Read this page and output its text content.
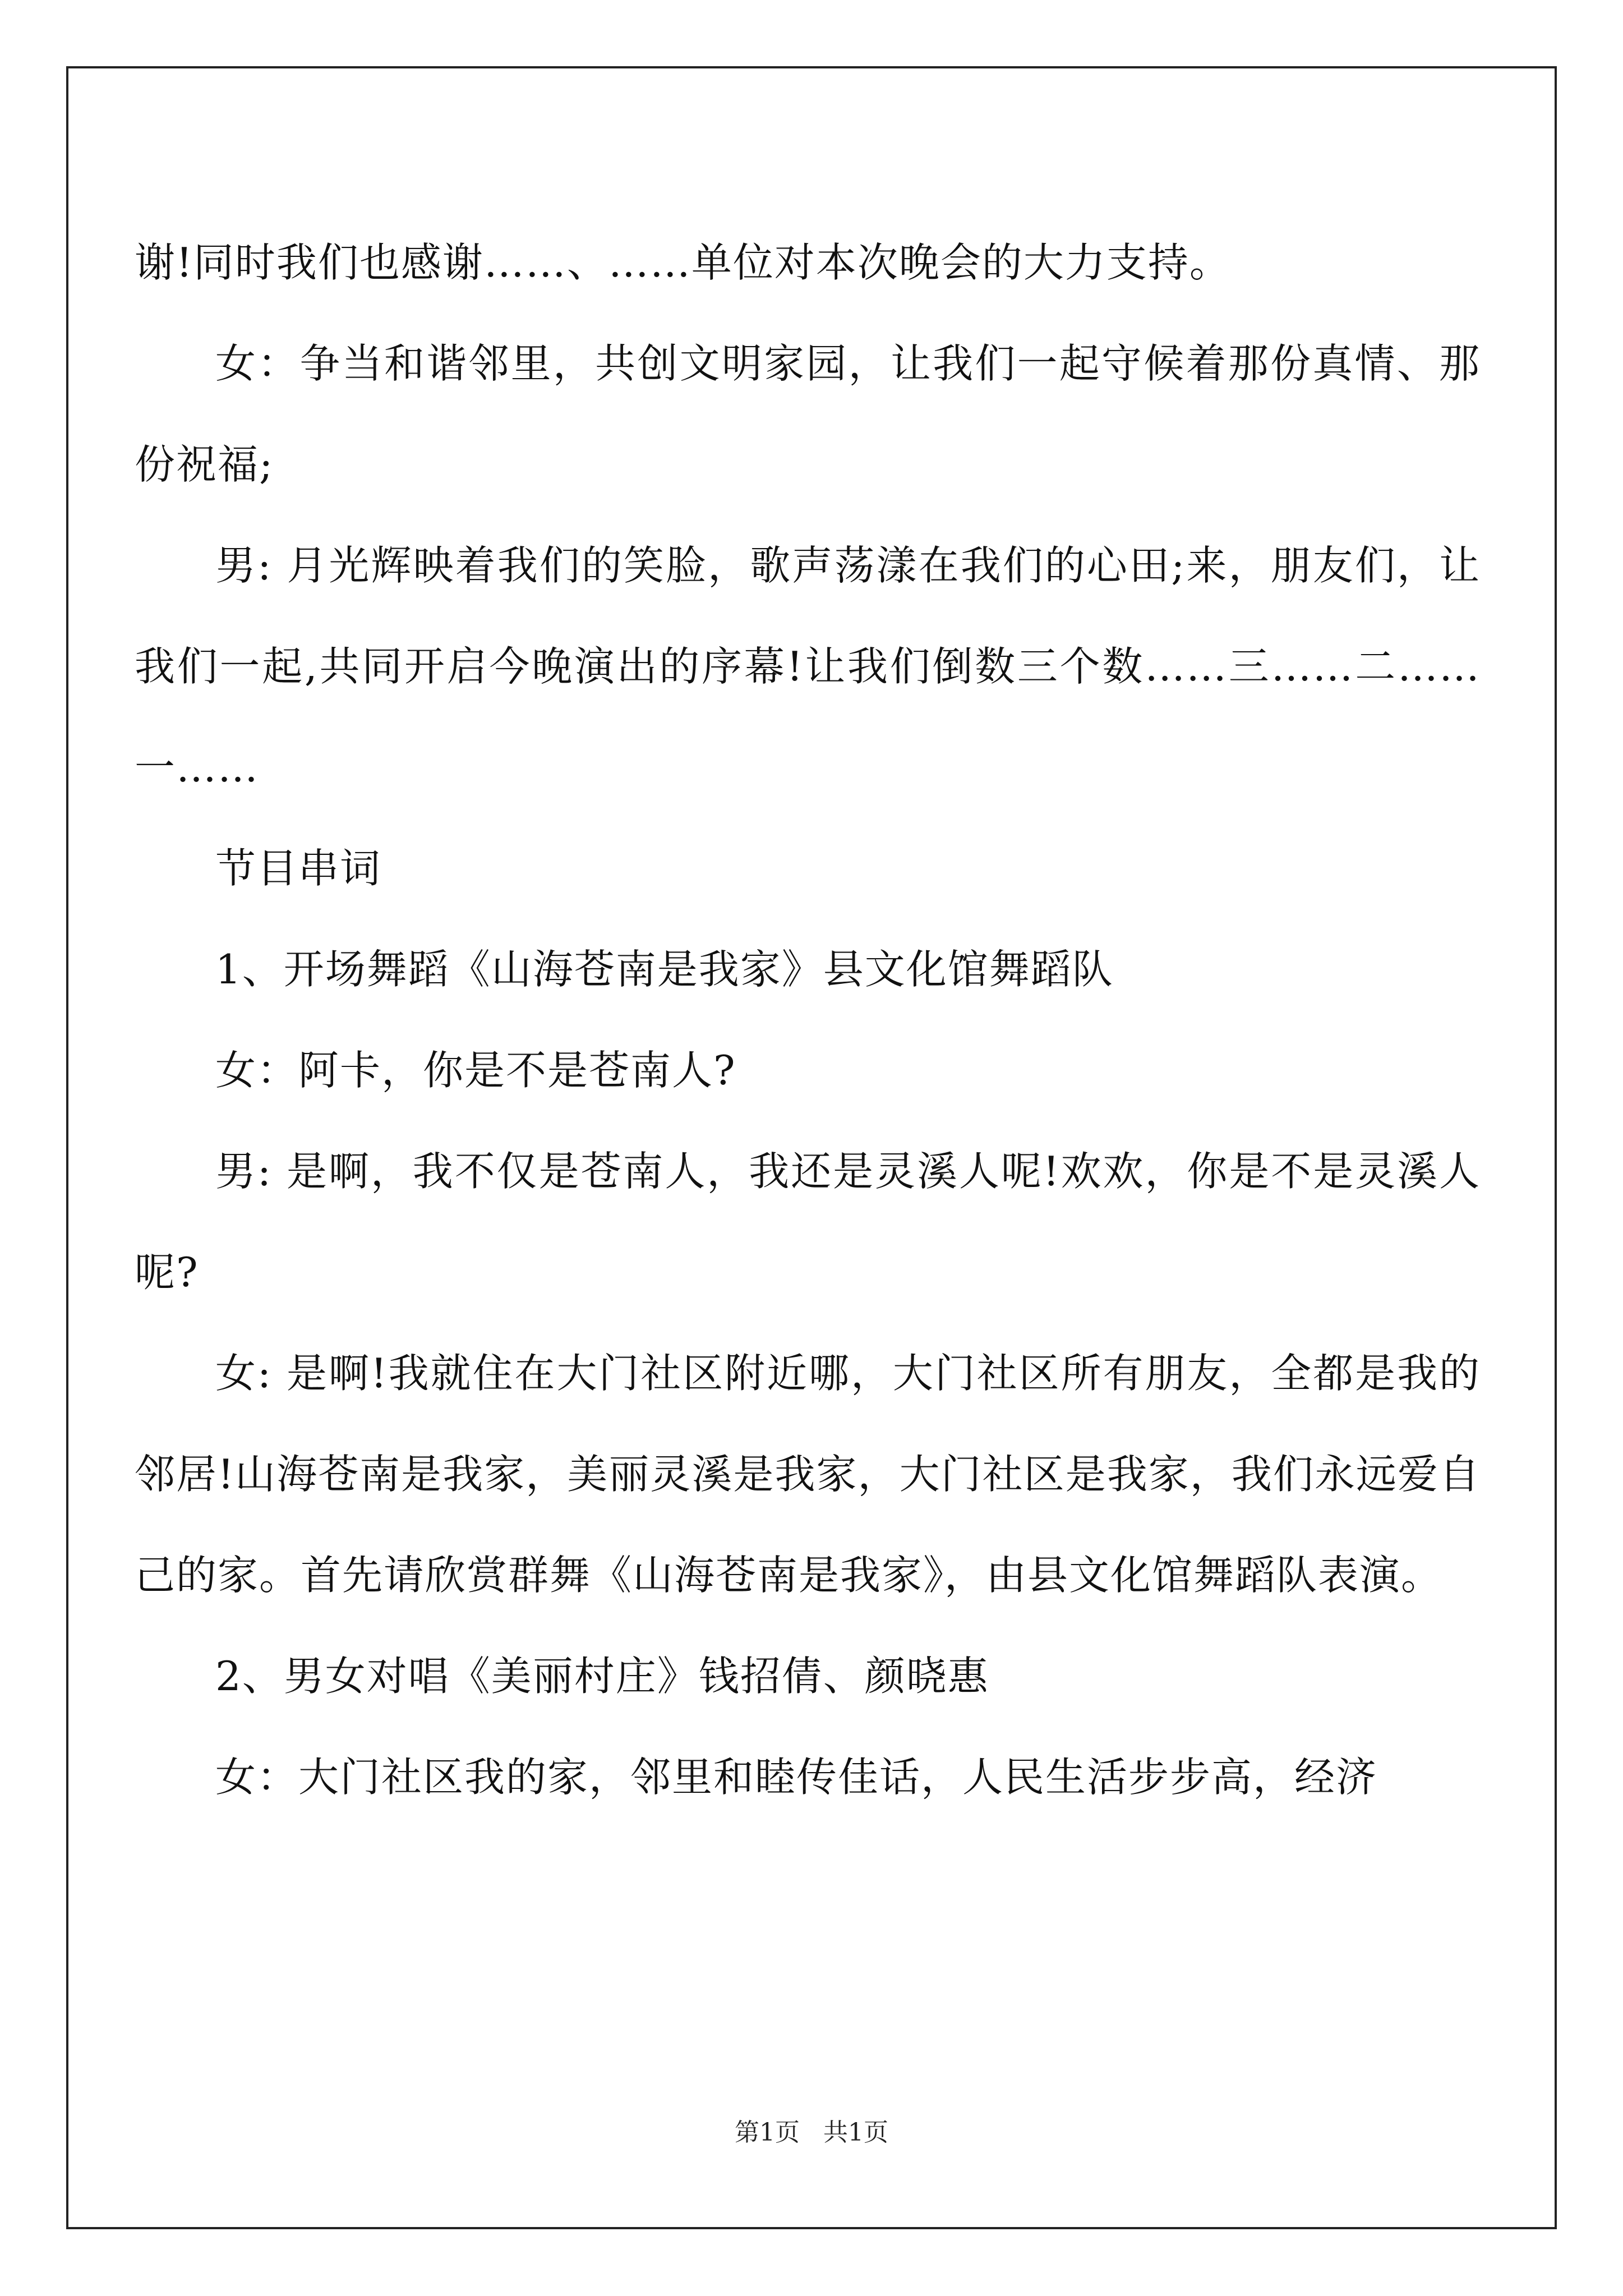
谢!同时我们也感谢……、……单位对本次晚会的大力支持。

女：争当和谐邻里，共创文明家园，让我们一起守候着那份真情、那份祝福;

男: 月光辉映着我们的笑脸，歌声荡漾在我们的心田;来，朋友们，让我们一起,共同开启今晚演出的序幕!让我们倒数三个数……三……二……一……

节目串词

1、开场舞蹈《山海苍南是我家》县文化馆舞蹈队

女：阿卡，你是不是苍南人?

男: 是啊，我不仅是苍南人，我还是灵溪人呢!欢欢，你是不是灵溪人呢?

女: 是啊!我就住在大门社区附近哪，大门社区所有朋友，全都是我的邻居!山海苍南是我家，美丽灵溪是我家，大门社区是我家，我们永远爱自己的家。首先请欣赏群舞《山海苍南是我家》，由县文化馆舞蹈队表演。

2、男女对唱《美丽村庄》钱招倩、颜晓惠

女：大门社区我的家，邻里和睦传佳话，人民生活步步高，经济

第1页 共1页
